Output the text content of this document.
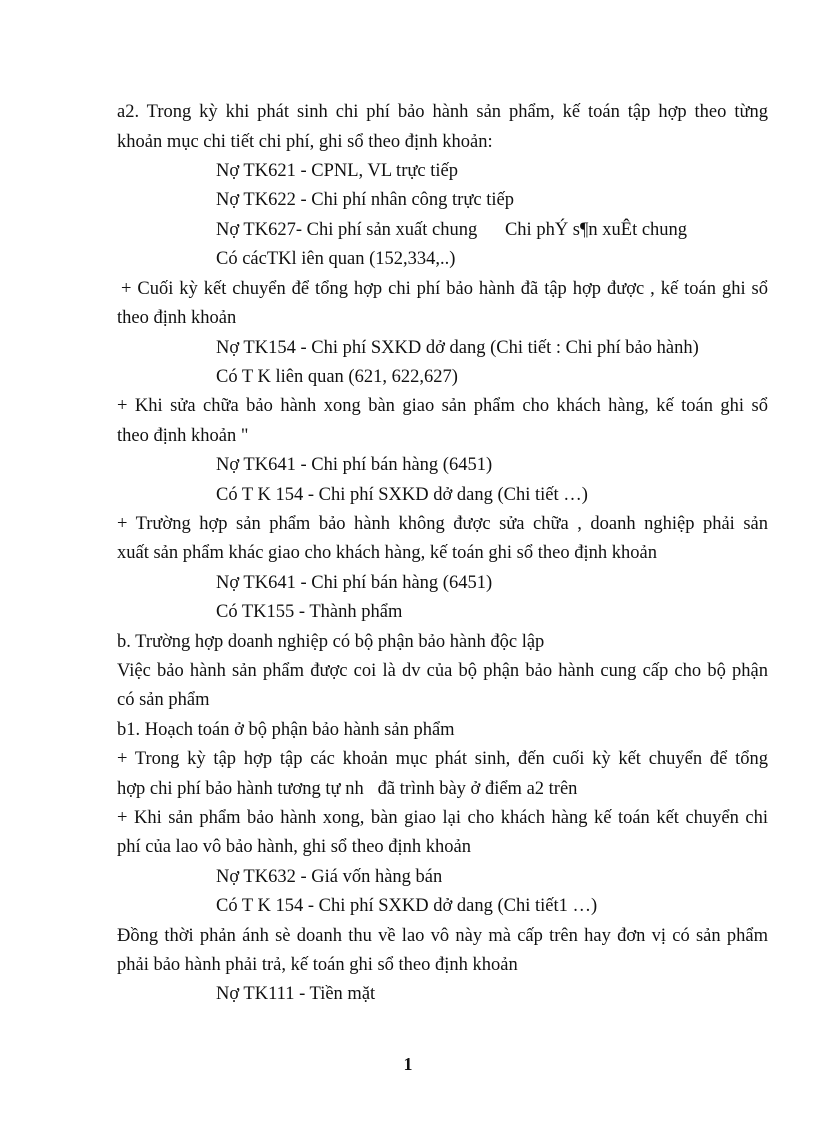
a2. Trong kỳ khi phát sinh chi phí bảo hành sản phẩm, kế toán tập hợp theo từng
khoản mục chi tiết chi phí, ghi sổ theo định khoản:
Nợ TK621 - CPNL, VL trực tiếp
Nợ TK622 - Chi phí nhân công trực tiếp
Nợ TK627- Chi phí sản xuất chung      Chi phÝ s¶n xuÊt chung
Có cácTKl iên quan (152,334,..)
+ Cuối kỳ kết chuyển để tổng hợp chi phí bảo hành đã tập hợp được , kế toán ghi sổ
theo định khoản
Nợ TK154 - Chi phí SXKD dở dang (Chi tiết : Chi phí bảo hành)
Có T K liên quan (621, 622,627)
+ Khi sửa chữa bảo hành xong bàn giao sản phẩm cho khách hàng, kế toán ghi sổ
theo định khoản "
Nợ TK641 - Chi phí bán hàng (6451)
Có T K 154 - Chi phí SXKD dở dang (Chi tiết …)
+ Trường hợp sản phẩm bảo hành không được sửa chữa , doanh nghiệp phải sản
xuất sản phẩm khác giao cho khách hàng, kế toán ghi sổ theo định khoản
Nợ TK641 - Chi phí bán hàng (6451)
Có TK155 - Thành phẩm
b. Trường hợp doanh nghiệp có bộ phận bảo hành độc lập
Việc bảo hành sản phẩm được coi là dv của bộ phận bảo hành cung cấp cho bộ phận
có sản phẩm
b1. Hoạch toán ở bộ phận bảo hành sản phẩm
+ Trong kỳ tập hợp tập các khoản mục phát sinh, đến cuối kỳ kết chuyển để tổng
hợp chi phí bảo hành tương tự nh   đã trình bày ở điểm a2 trên
+ Khi sản phẩm bảo hành xong, bàn giao lại cho khách hàng kế toán kết chuyển chi
phí của lao vô bảo hành, ghi sổ theo định khoản
Nợ TK632 - Giá vốn hàng bán
Có T K 154 - Chi phí SXKD dở dang (Chi tiết1 …)
Đồng thời phản ánh sè doanh thu về lao vô này mà cấp trên hay đơn vị có sản phẩm
phải bảo hành phải trả, kế toán ghi sổ theo định khoản
Nợ TK111 - Tiền mặt
1
